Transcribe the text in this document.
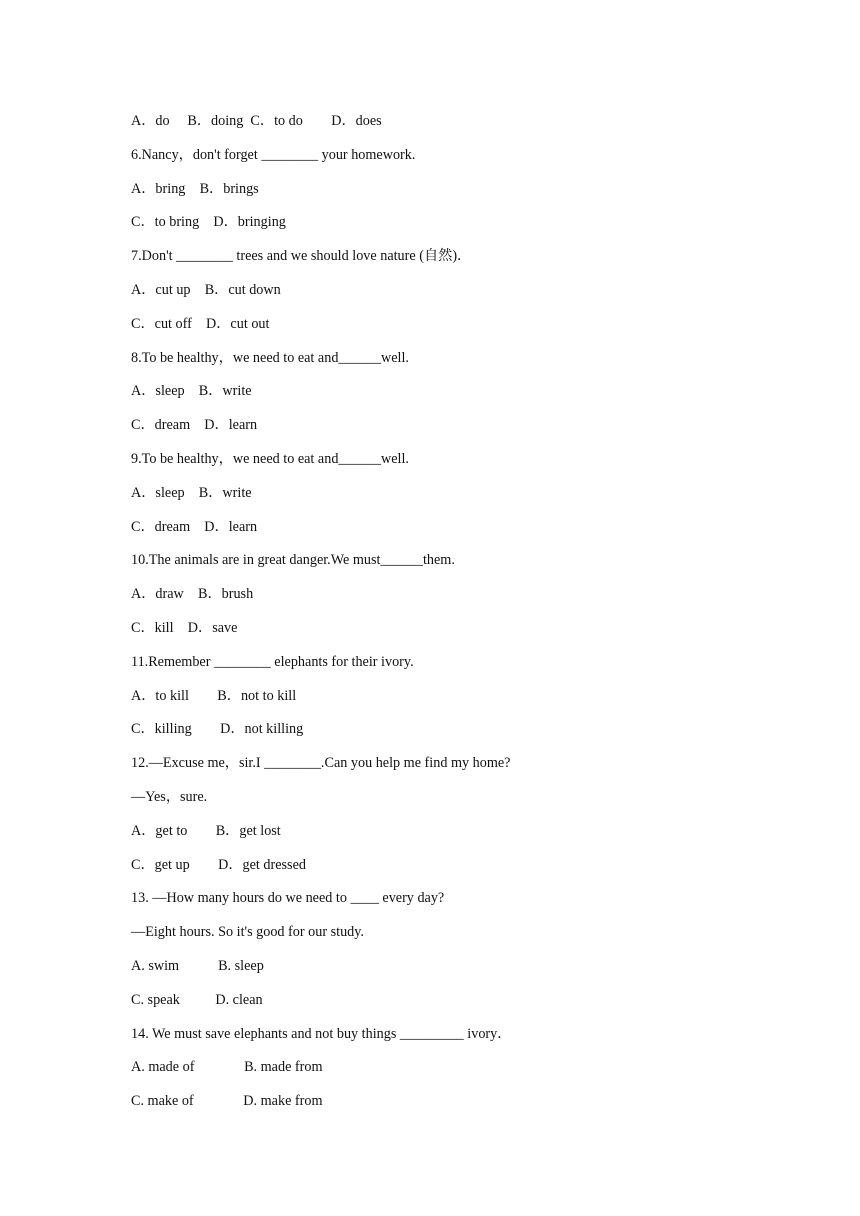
A．do　 B．doing  C．to do　　D．does
6.Nancy，don't forget ________ your homework.
A．bring　B．brings
C．to bring　D．bringing
7.Don't ________ trees and we should love nature (自然)．
A．cut up　B．cut down
C．cut off　D．cut out
8.To be healthy，we need to eat and______well.
A．sleep　B．write
C．dream　D．learn
9.To be healthy，we need to eat and______well.
A．sleep　B．write
C．dream　D．learn
10.The animals are in great danger.We must______them.
A．draw　B．brush
C．kill　D．save
11.Remember ________ elephants for their ivory.
A．to kill　　B．not to kill
C．killing　　D．not killing
12.—Excuse me，sir.I ________.Can you help me find my home?
—Yes，sure.
A．get to　　B．get lost
C．get up　　D．get dressed
13. —How many hours do we need to ____ every day?
—Eight hours. So it's good for our study.
A. swim           B. sleep
C. speak          D. clean
14. We must save elephants and not buy things _________ ivory．
A. made of              B. made from
C. make of              D. make from
